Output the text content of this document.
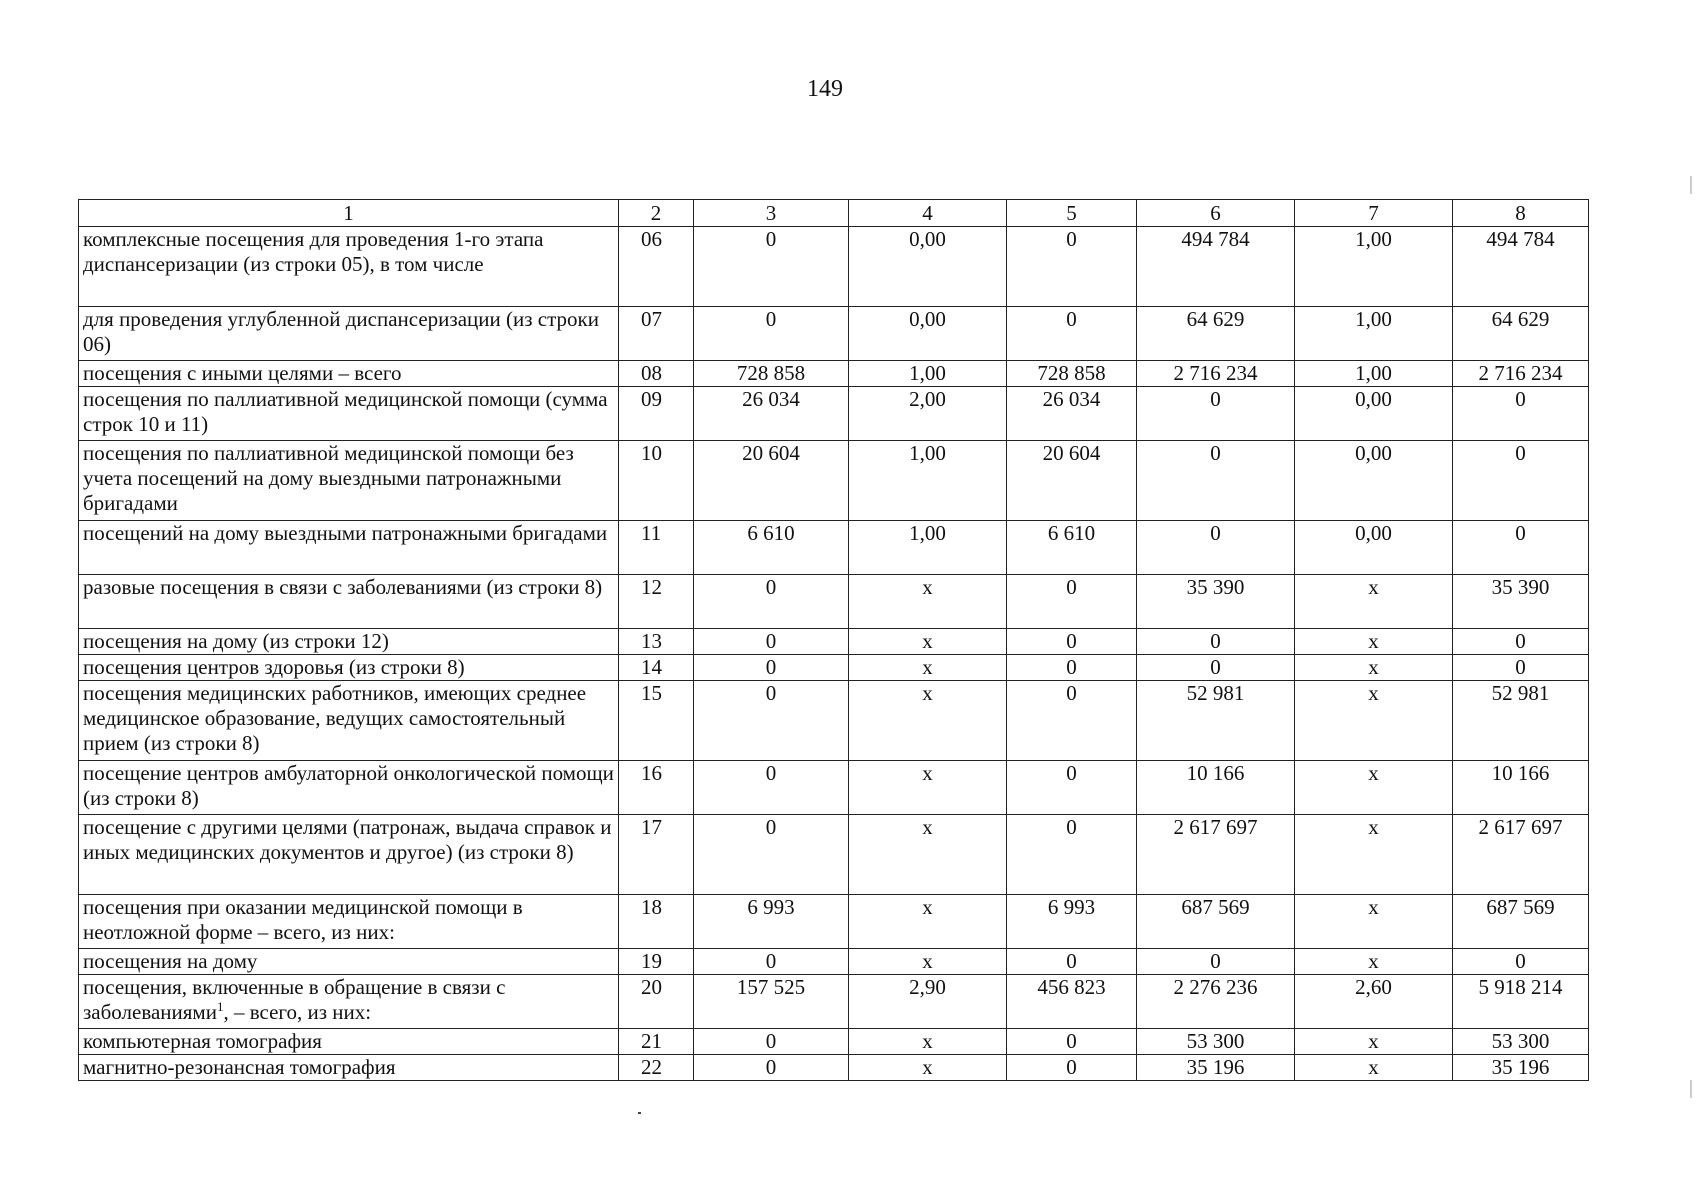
149
1	2	3	4	5	6	7	8
комплексные посещения для проведения 1-го этапа диспансеризации (из строки 05), в том числе	06	0	0,00	0	494 784	1,00	494 784
для проведения углубленной диспансеризации (из строки 06)	07	0	0,00	0	64 629	1,00	64 629
посещения с иными целями – всего	08	728 858	1,00	728 858	2 716 234	1,00	2 716 234
посещения по паллиативной медицинской помощи (сумма строк 10 и 11)	09	26 034	2,00	26 034	0	0,00	0
посещения по паллиативной медицинской помощи без учета посещений на дому выездными патронажными бригадами	10	20 604	1,00	20 604	0	0,00	0
посещений на дому выездными патронажными бригадами	11	6 610	1,00	6 610	0	0,00	0
разовые посещения в связи с заболеваниями (из строки 8)	12	0	х	0	35 390	х	35 390
посещения на дому (из строки 12)	13	0	х	0	0	х	0
посещения центров здоровья (из строки 8)	14	0	х	0	0	х	0
посещения медицинских работников, имеющих среднее медицинское образование, ведущих самостоятельный прием (из строки 8)	15	0	х	0	52 981	х	52 981
посещение центров амбулаторной онкологической помощи (из строки 8)	16	0	х	0	10 166	х	10 166
посещение с другими целями (патронаж, выдача справок и иных медицинских документов и другое) (из строки 8)	17	0	х	0	2 617 697	х	2 617 697
посещения при оказании медицинской помощи в неотложной форме – всего, из них:	18	6 993	х	6 993	687 569	х	687 569
посещения на дому	19	0	х	0	0	х	0
посещения, включенные в обращение в связи с заболеваниями$^1$, – всего, из них:	20	157 525	2,90	456 823	2 276 236	2,60	5 918 214
компьютерная томография	21	0	х	0	53 300	х	53 300
магнитно-резонансная томография	22	0	х	0	35 196	х	35 196
